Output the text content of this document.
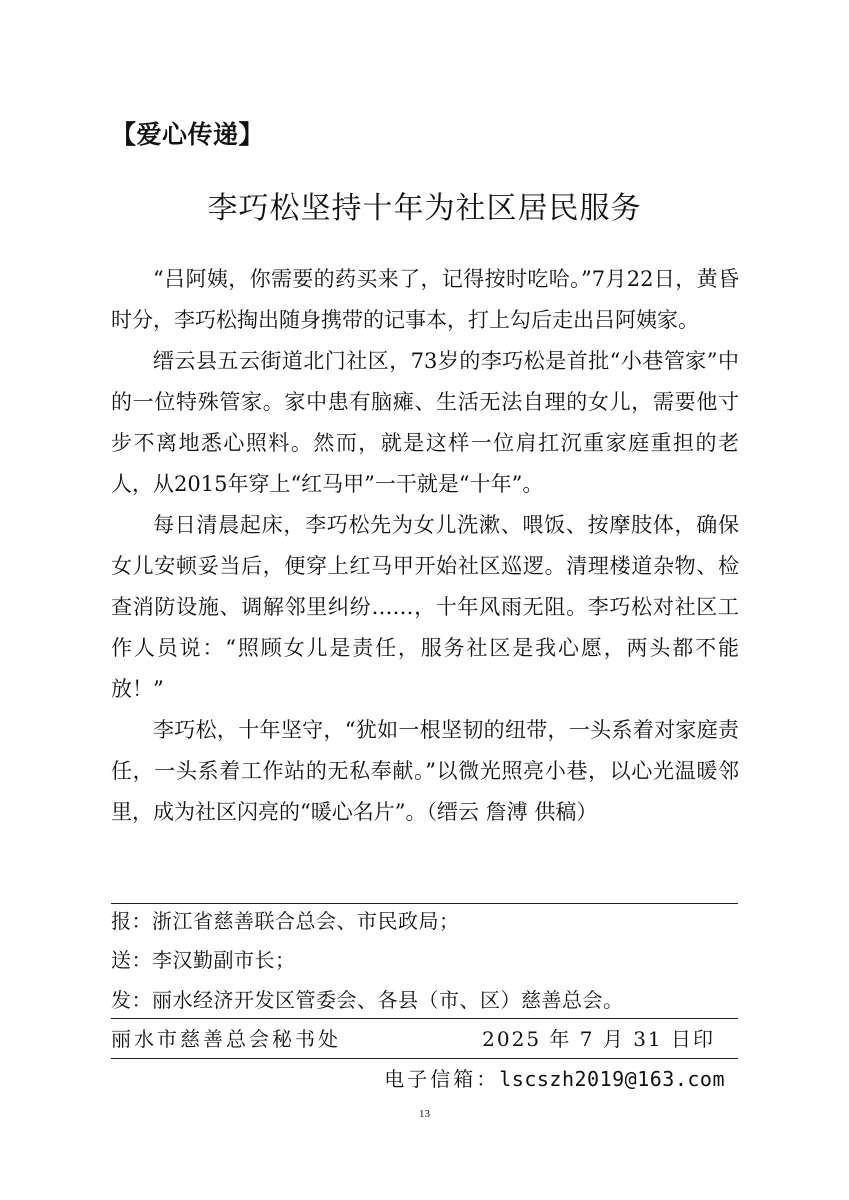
【爱心传递】
李巧松坚持十年为社区居民服务

“吕阿姨，你需要的药买来了，记得按时吃哈。”7月22日，黄昏时分，李巧松掏出随身携带的记事本，打上勾后走出吕阿姨家。

缙云县五云街道北门社区，73岁的李巧松是首批“小巷管家”中的一位特殊管家。家中患有脑瘫、生活无法自理的女儿，需要他寸步不离地悉心照料。然而，就是这样一位肩扛沉重家庭重担的老人，从2015年穿上“红马甲”一干就是“十年”。

每日清晨起床，李巧松先为女儿洗漱、喂饭、按摩肢体，确保女儿安顿妥当后，便穿上红马甲开始社区巡逻。清理楼道杂物、检查消防设施、调解邻里纠纷……，十年风雨无阻。李巧松对社区工作人员说：“照顾女儿是责任，服务社区是我心愿，两头都不能放！”

李巧松，十年坚守，“犹如一根坚韧的纽带，一头系着对家庭责任，一头系着工作站的无私奉献。”以微光照亮小巷，以心光温暖邻里，成为社区闪亮的“暖心名片”。（缙云 詹溥 供稿）

报：浙江省慈善联合总会、市民政局；
送：李汉勤副市长；
发：丽水经济开发区管委会、各县（市、区）慈善总会。
丽水市慈善总会秘书处	2025 年 7 月 31 日印
电子信箱：lscszh2019@163.com
13
